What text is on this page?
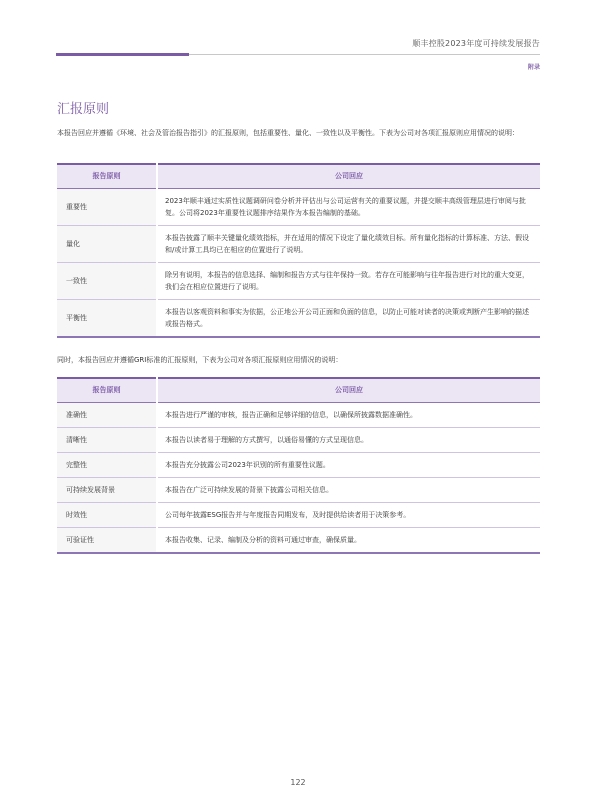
顺丰控股2023年度可持续发展报告
附录
汇报原则

本报告回应并遵循《环境、社会及管治报告指引》的汇报原则，包括重要性、量化、一致性以及平衡性。下表为公司对各项汇报原则应用情况的说明：

报告原则	公司回应
重要性	2023年顺丰通过实质性议题调研问卷分析并评估出与公司运营有关的重要议题，并提交顺丰高级管理层进行审阅与批复。公司将2023年重要性议题排序结果作为本报告编制的基础。
量化	本报告披露了顺丰关键量化绩效指标，并在适用的情况下设定了量化绩效目标。所有量化指标的计算标准、方法、假设和/或计算工具均已在相应的位置进行了说明。
一致性	除另有说明，本报告的信息选择、编制和报告方式与往年保持一致。若存在可能影响与往年报告进行对比的重大变更，我们会在相应位置进行了说明。
平衡性	本报告以客观资料和事实为依据，公正地公开公司正面和负面的信息，以防止可能对读者的决策或判断产生影响的描述或报告格式。

同时，本报告回应并遵循GRI标准的汇报原则，下表为公司对各项汇报原则应用情况的说明：

报告原则	公司回应
准确性	本报告进行严谨的审核，报告正确和足够详细的信息，以确保所披露数据准确性。
清晰性	本报告以读者易于理解的方式撰写，以通俗易懂的方式呈现信息。
完整性	本报告充分披露公司2023年识别的所有重要性议题。
可持续发展背景	本报告在广泛可持续发展的背景下披露公司相关信息。
时效性	公司每年披露ESG报告并与年度报告同期发布，及时提供给读者用于决策参考。
可验证性	本报告收集、记录、编制及分析的资料可通过审查，确保质量。
122
